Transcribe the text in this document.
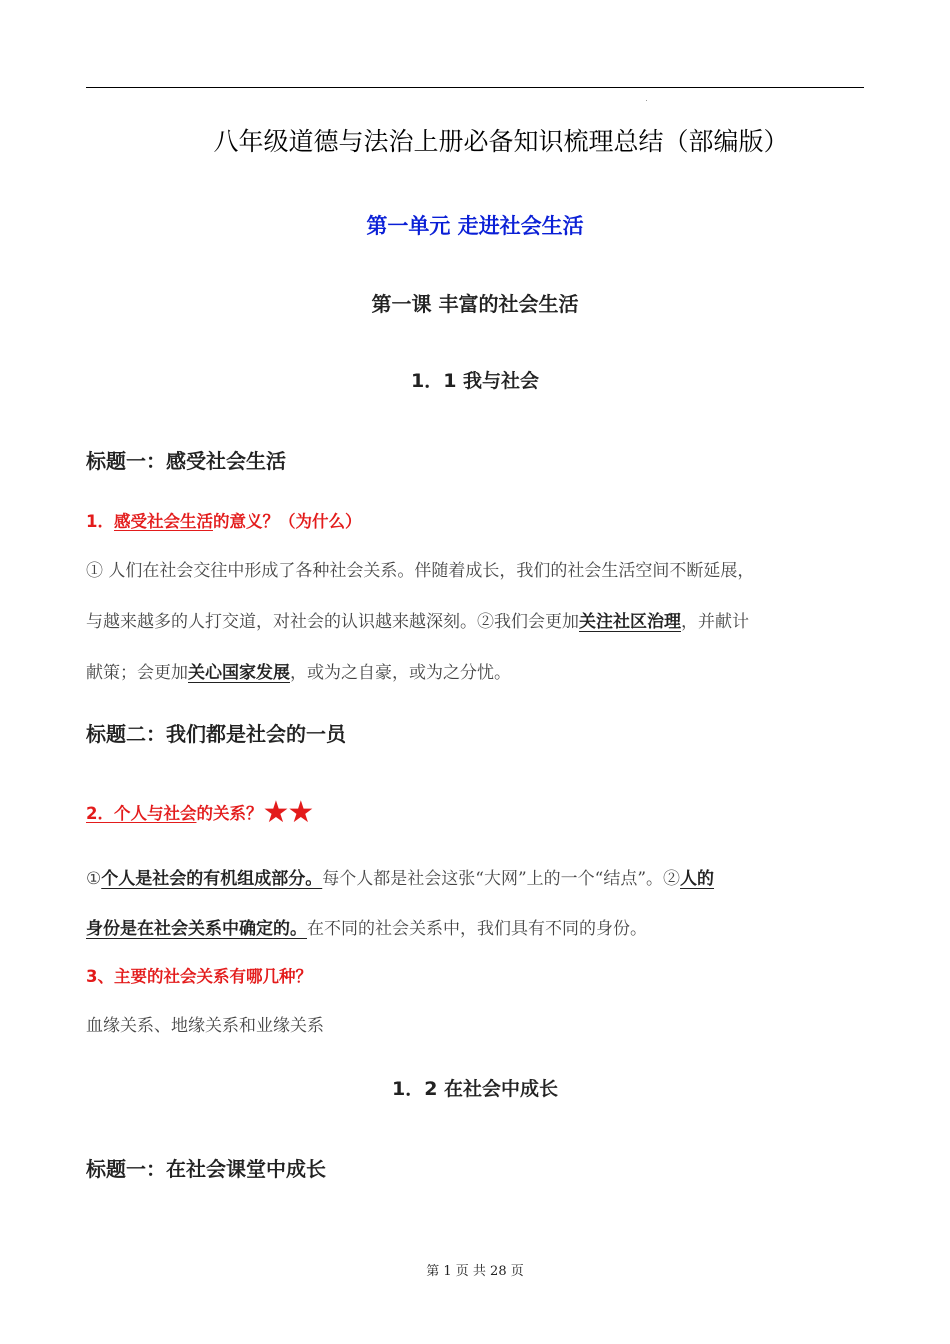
八年级道德与法治上册必备知识梳理总结（部编版）
第一单元 走进社会生活
第一课 丰富的社会生活
1．1 我与社会
标题一：感受社会生活
1．感受社会生活的意义？（为什么）
① 人们在社会交往中形成了各种社会关系。伴随着成长，我们的社会生活空间不断延展，
与越来越多的人打交道，对社会的认识越来越深刻。②我们会更加关注社区治理，并献计
献策；会更加关心国家发展，或为之自豪，或为之分忧。
标题二：我们都是社会的一员
2．个人与社会的关系？★★
①个人是社会的有机组成部分。每个人都是社会这张“大网”上的一个“结点”。②人的
身份是在社会关系中确定的。在不同的社会关系中，我们具有不同的身份。
3、主要的社会关系有哪几种？
血缘关系、地缘关系和业缘关系
1．2 在社会中成长
标题一：在社会课堂中成长
第 1 页 共 28 页
